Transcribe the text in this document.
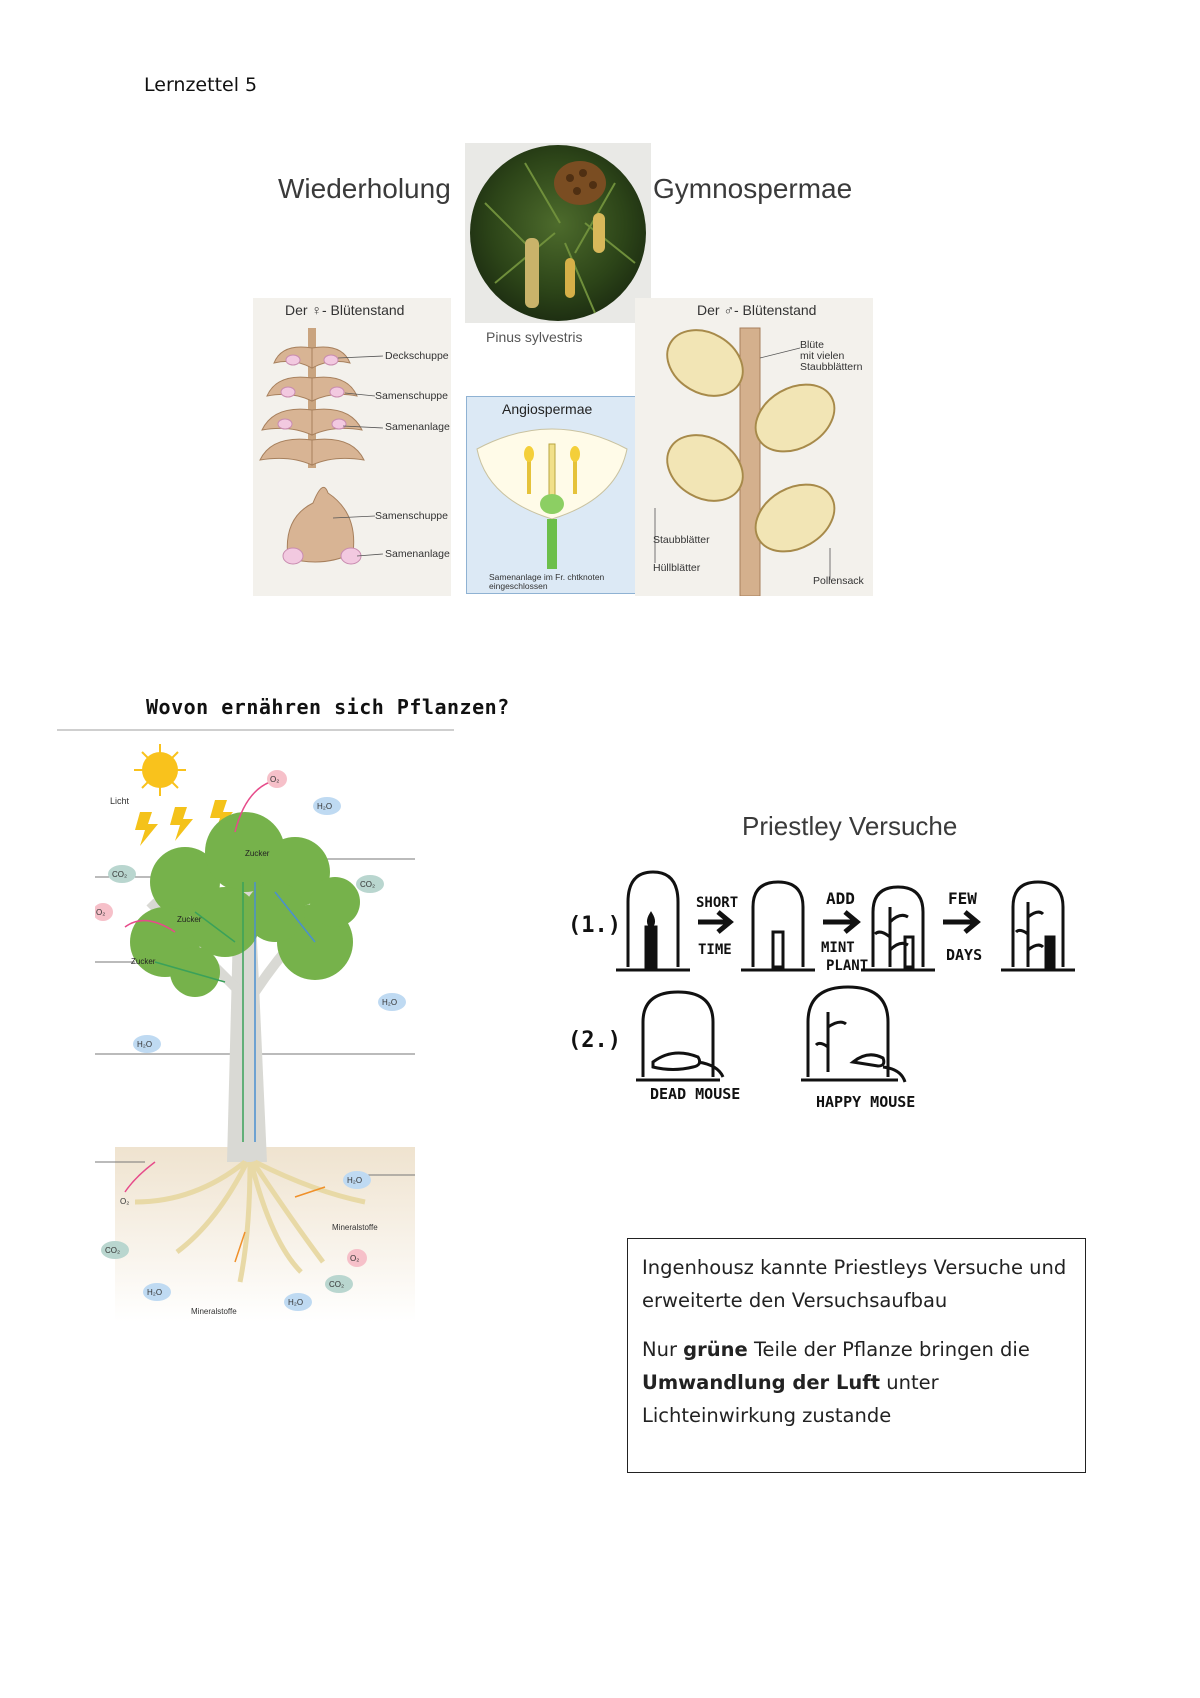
Lernzettel 5
Wiederholung	Gymnospermae
Der ♀- Blütenstand
Deckschuppe
Samenschuppe
Samenanlage
Samenschuppe
Samenanlage
Pinus sylvestris
Angiospermae
Samenanlage im Fr. chtknoten
eingeschlossen
Der ♂- Blütenstand
Blüte
mit vielen
Staubblättern
Staubblätter
Hüllblätter
Pollensack
Wovon ernähren sich Pflanzen?
Licht
O₂
H₂O
CO₂
CO₂
O₂
Zucker
Zucker
Zucker
H₂O
H₂O
H₂O
O₂
Mineralstoffe
CO₂
O₂
CO₂
H₂O
H₂O
Mineralstoffe
Priestley Versuche
(1.)
(2.)
SHORT
TIME
ADD
MINT
PLANT
FEW
DAYS
DEAD MOUSE	HAPPY MOUSE

Ingenhousz kannte Priestleys Versuche und erweiterte den Versuchsaufbau

Nur grüne Teile der Pflanze bringen die Umwandlung der Luft unter Lichteinwirkung zustande
